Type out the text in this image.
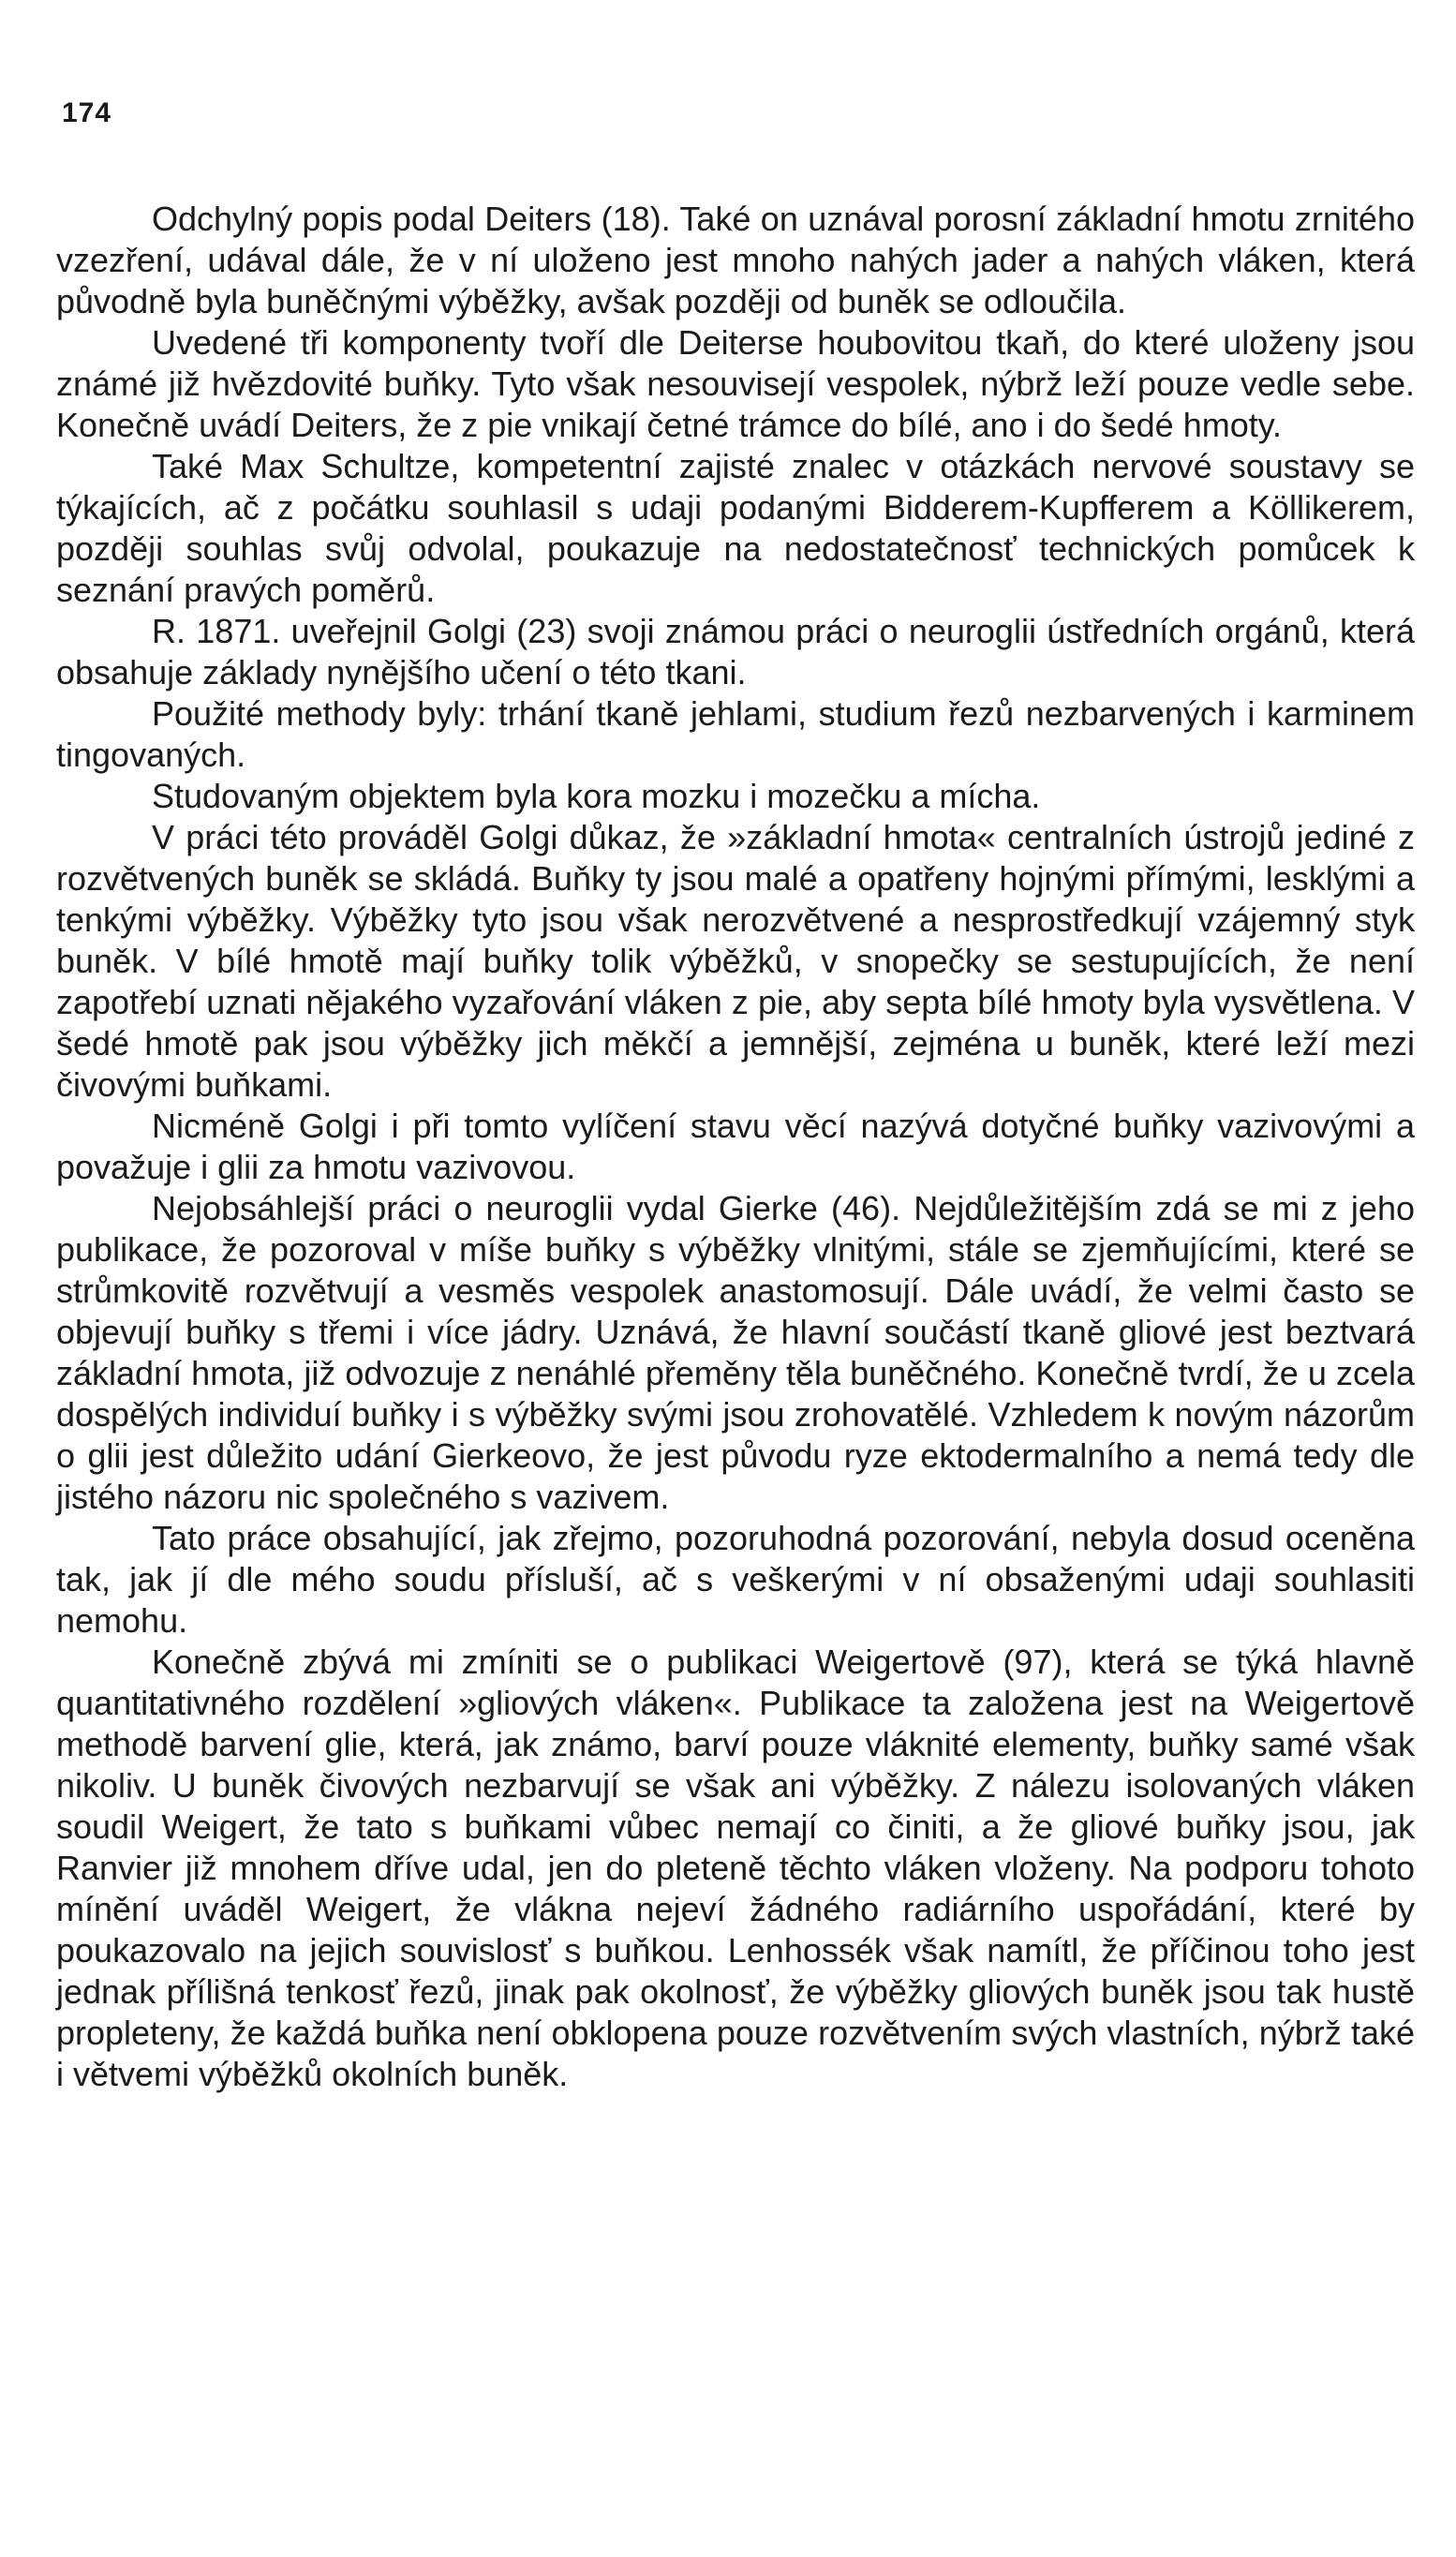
174

Odchylný popis podal Deiters (18). Také on uznával porosní základní hmotu zrnitého vzezření, udával dále, že v ní uloženo jest mnoho nahých jader a nahých vláken, která původně byla buněčnými výběžky, avšak později od buněk se odloučila.

Uvedené tři komponenty tvoří dle Deiterse houbovitou tkaň, do které uloženy jsou známé již hvězdovité buňky. Tyto však nesouvisejí vespolek, nýbrž leží pouze vedle sebe. Konečně uvádí Deiters, že z pie vnikají četné trámce do bílé, ano i do šedé hmoty.

Také Max Schultze, kompetentní zajisté znalec v otázkách nervové soustavy se týkajících, ač z počátku souhlasil s udaji podanými Bidderem-Kupfferem a Köllikerem, později souhlas svůj odvolal, poukazuje na nedostatečnosť technických pomůcek k seznání pravých poměrů.

R. 1871. uveřejnil Golgi (23) svoji známou práci o neuroglii ústředních orgánů, která obsahuje základy nynějšího učení o této tkani.

Použité methody byly: trhání tkaně jehlami, studium řezů nezbarvených i karminem tingovaných.

Studovaným objektem byla kora mozku i mozečku a mícha.

V práci této prováděl Golgi důkaz, že »základní hmota« centralních ústrojů jediné z rozvětvených buněk se skládá. Buňky ty jsou malé a opatřeny hojnými přímými, lesklými a tenkými výběžky. Výběžky tyto jsou však nerozvětvené a nesprostředkují vzájemný styk buněk. V bílé hmotě mají buňky tolik výběžků, v snopečky se sestupujících, že není zapotřebí uznati nějakého vyzařování vláken z pie, aby septa bílé hmoty byla vysvětlena. V šedé hmotě pak jsou výběžky jich měkčí a jemnější, zejména u buněk, které leží mezi čivovými buňkami.

Nicméně Golgi i při tomto vylíčení stavu věcí nazývá dotyčné buňky vazivovými a považuje i glii za hmotu vazivovou.

Nejobsáhlejší práci o neuroglii vydal Gierke (46). Nejdůležitějším zdá se mi z jeho publikace, že pozoroval v míše buňky s výběžky vlnitými, stále se zjemňujícími, které se strůmkovitě rozvětvují a vesměs vespolek anastomosují. Dále uvádí, že velmi často se objevují buňky s třemi i více jádry. Uznává, že hlavní součástí tkaně gliové jest beztvará základní hmota, již odvozuje z nenáhlé přeměny těla buněčného. Konečně tvrdí, že u zcela dospělých individuí buňky i s výběžky svými jsou zrohovatělé. Vzhledem k novým názorům o glii jest důležito udání Gierkeovo, že jest původu ryze ektodermalního a nemá tedy dle jistého názoru nic společného s vazivem.

Tato práce obsahující, jak zřejmo, pozoruhodná pozorování, nebyla dosud oceněna tak, jak jí dle mého soudu přísluší, ač s veškerými v ní obsaženými udaji souhlasiti nemohu.

Konečně zbývá mi zmíniti se o publikaci Weigertově (97), která se týká hlavně quantitativného rozdělení »gliových vláken«. Publikace ta založena jest na Weigertově methodě barvení glie, která, jak známo, barví pouze vláknité elementy, buňky samé však nikoliv. U buněk čivových nezbarvují se však ani výběžky. Z nálezu isolovaných vláken soudil Weigert, že tato s buňkami vůbec nemají co činiti, a že gliové buňky jsou, jak Ranvier již mnohem dříve udal, jen do pleteně těchto vláken vloženy. Na podporu tohoto mínění uváděl Weigert, že vlákna nejeví žádného radiárního uspořádání, které by poukazovalo na jejich souvislosť s buňkou. Lenhossék však namítl, že příčinou toho jest jednak přílišná tenkosť řezů, jinak pak okolnosť, že výběžky gliových buněk jsou tak hustě propleteny, že každá buňka není obklopena pouze rozvětvením svých vlastních, nýbrž také i větvemi výběžků okolních buněk.
